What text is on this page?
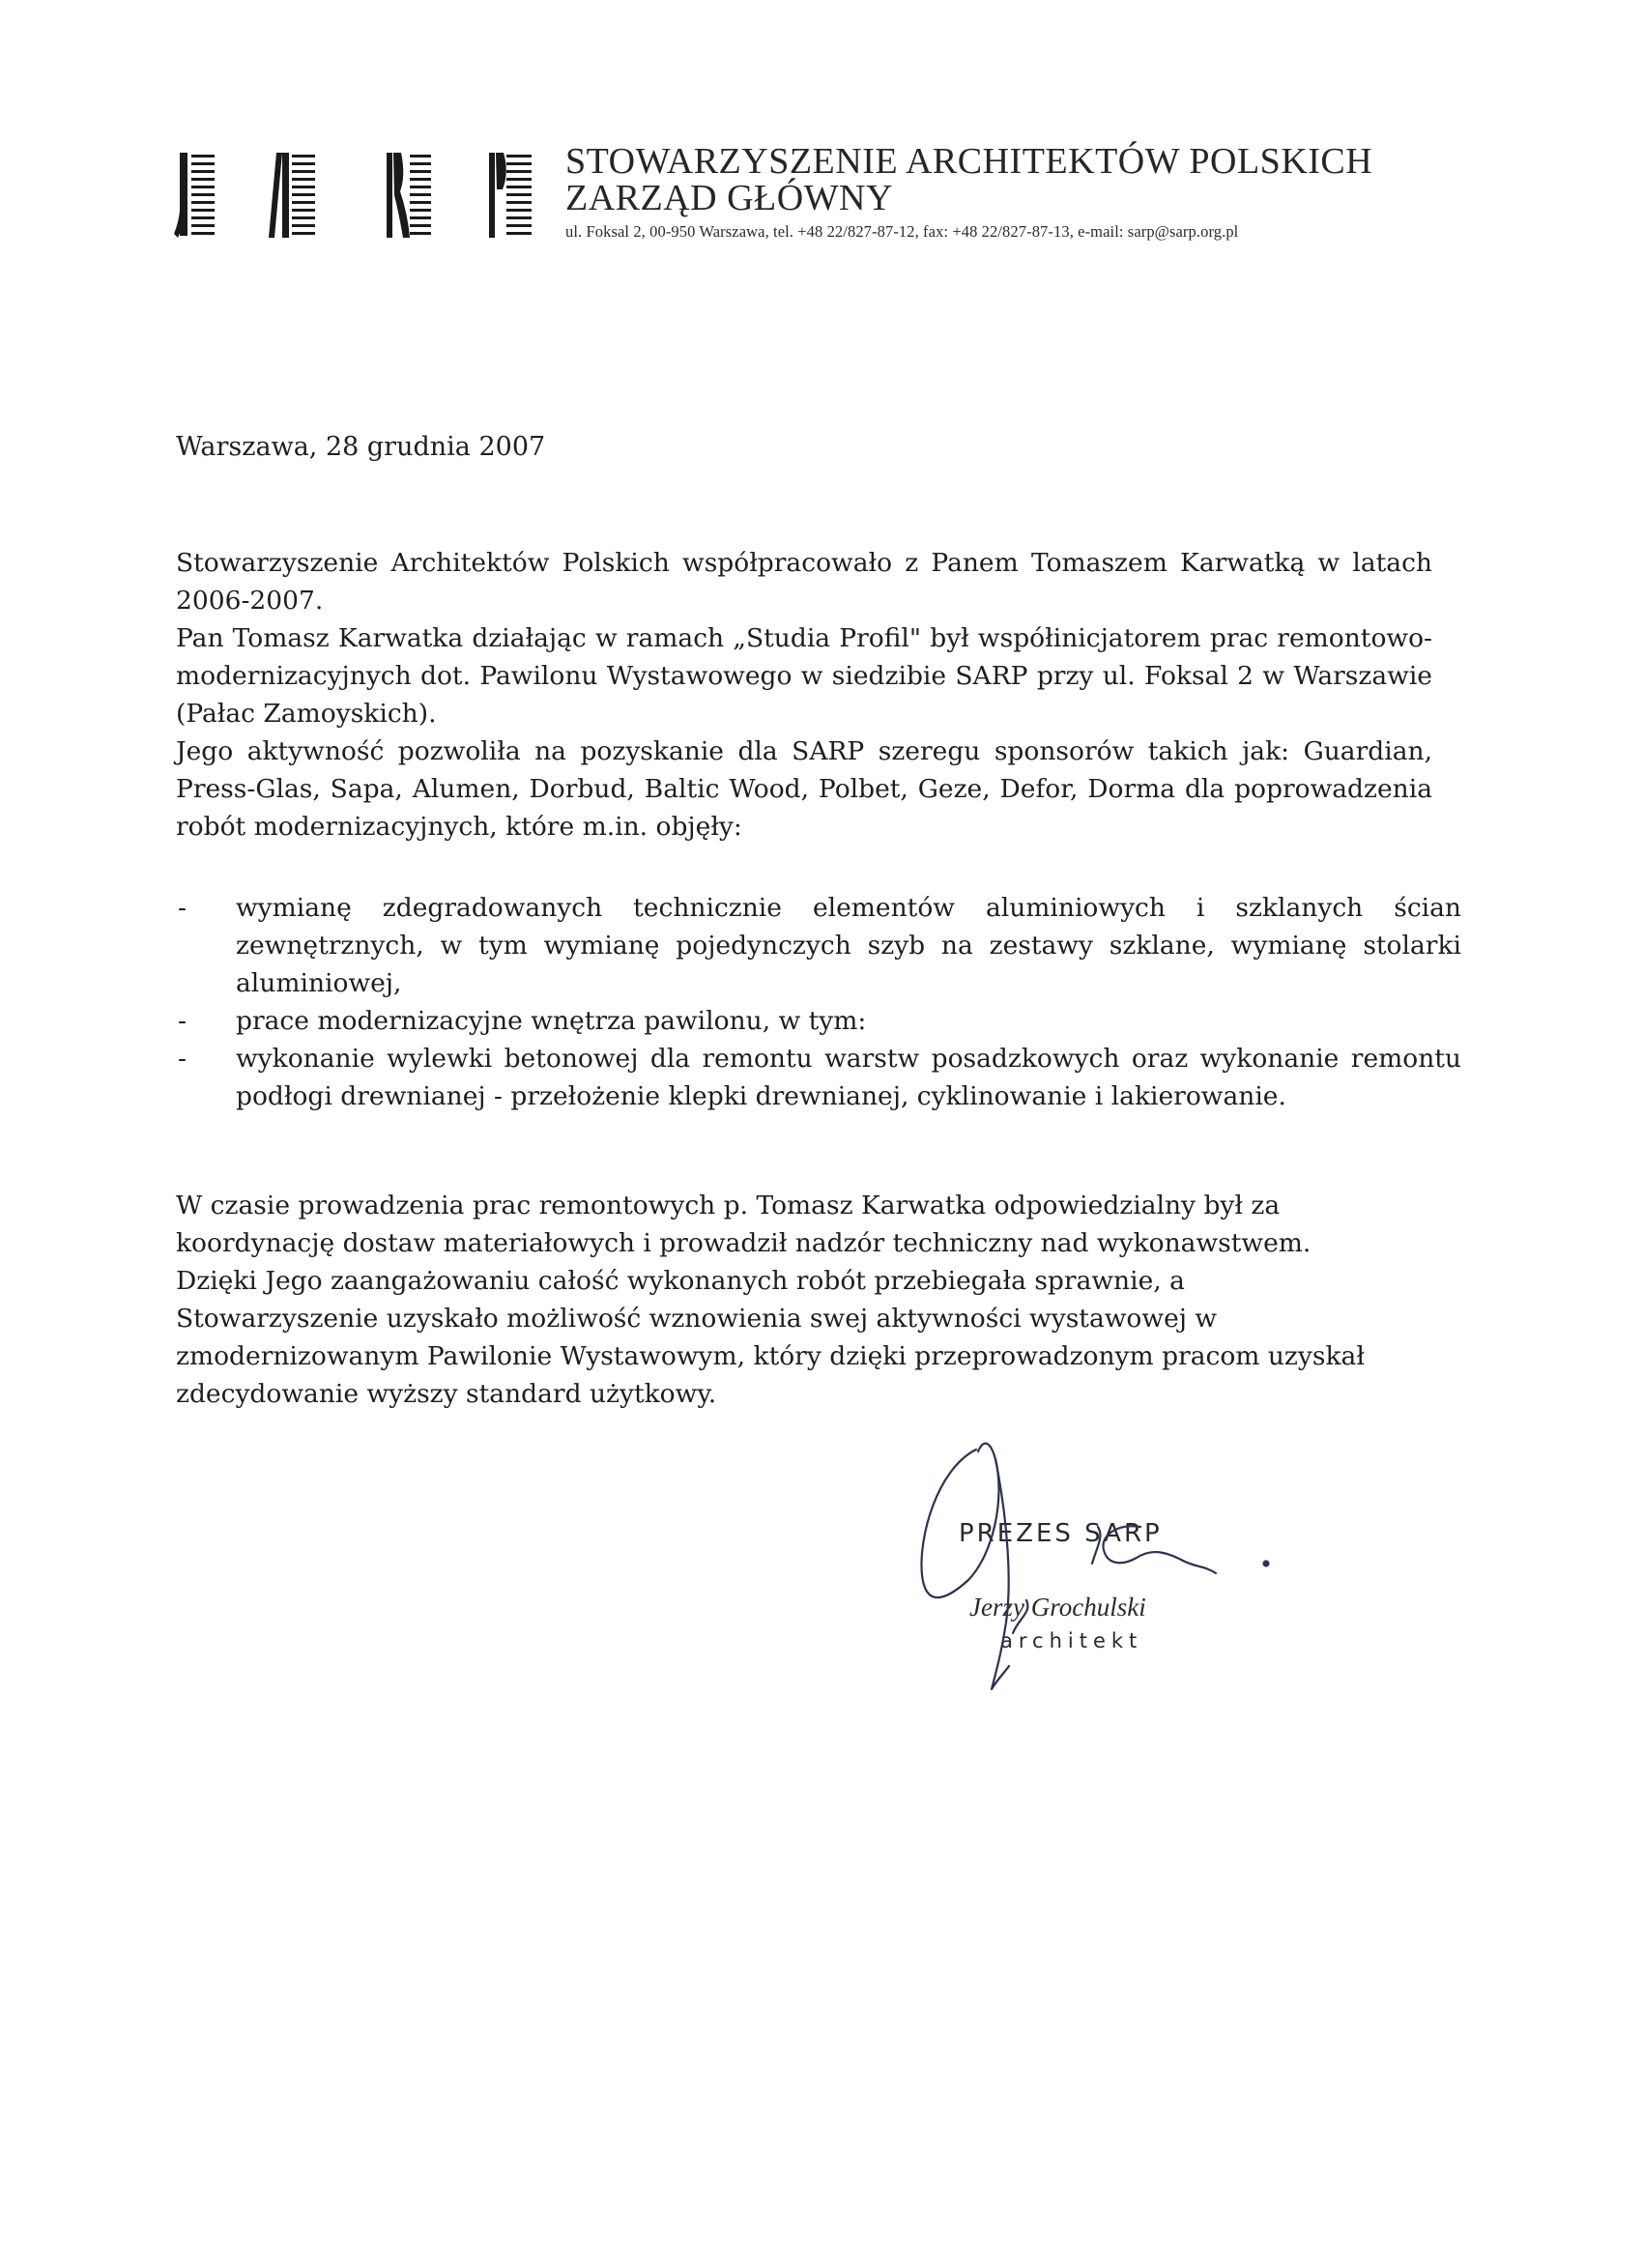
STOWARZYSZENIE ARCHITEKTÓW POLSKICH
ZARZĄD GŁÓWNY
ul. Foksal 2, 00-950 Warszawa, tel. +48 22/827-87-12, fax: +48 22/827-87-13, e-mail: sarp@sarp.org.pl
Warszawa, 28 grudnia 2007

Stowarzyszenie Architektów Polskich współpracowało z Panem Tomaszem Karwatką w latach 2006-2007.

Pan Tomasz Karwatka działając w ramach „Studia Profil" był współinicjatorem prac remontowo-modernizacyjnych dot. Pawilonu Wystawowego w siedzibie SARP przy ul. Foksal 2 w Warszawie (Pałac Zamoyskich).

Jego aktywność pozwoliła na pozyskanie dla SARP szeregu sponsorów takich jak: Guardian, Press-Glas, Sapa, Alumen, Dorbud, Baltic Wood, Polbet, Geze, Defor, Dorma dla poprowadzenia robót modernizacyjnych, które m.in. objęły:

- wymianę zdegradowanych technicznie elementów aluminiowych i szklanych ścian zewnętrznych, w tym wymianę pojedynczych szyb na zestawy szklane, wymianę stolarki aluminiowej,

- prace modernizacyjne wnętrza pawilonu, w tym:

- wykonanie wylewki betonowej dla remontu warstw posadzkowych oraz wykonanie remontu podłogi drewnianej - przełożenie klepki drewnianej, cyklinowanie i lakierowanie.

W czasie prowadzenia prac remontowych p. Tomasz Karwatka odpowiedzialny był za koordynację dostaw materiałowych i prowadził nadzór techniczny nad wykonawstwem. Dzięki Jego zaangażowaniu całość wykonanych robót przebiegała sprawnie, a Stowarzyszenie uzyskało możliwość wznowienia swej aktywności wystawowej w zmodernizowanym Pawilonie Wystawowym, który dzięki przeprowadzonym pracom uzyskał zdecydowanie wyższy standard użytkowy.
PREZES SARP
Jerzy Grochulski
architekt
